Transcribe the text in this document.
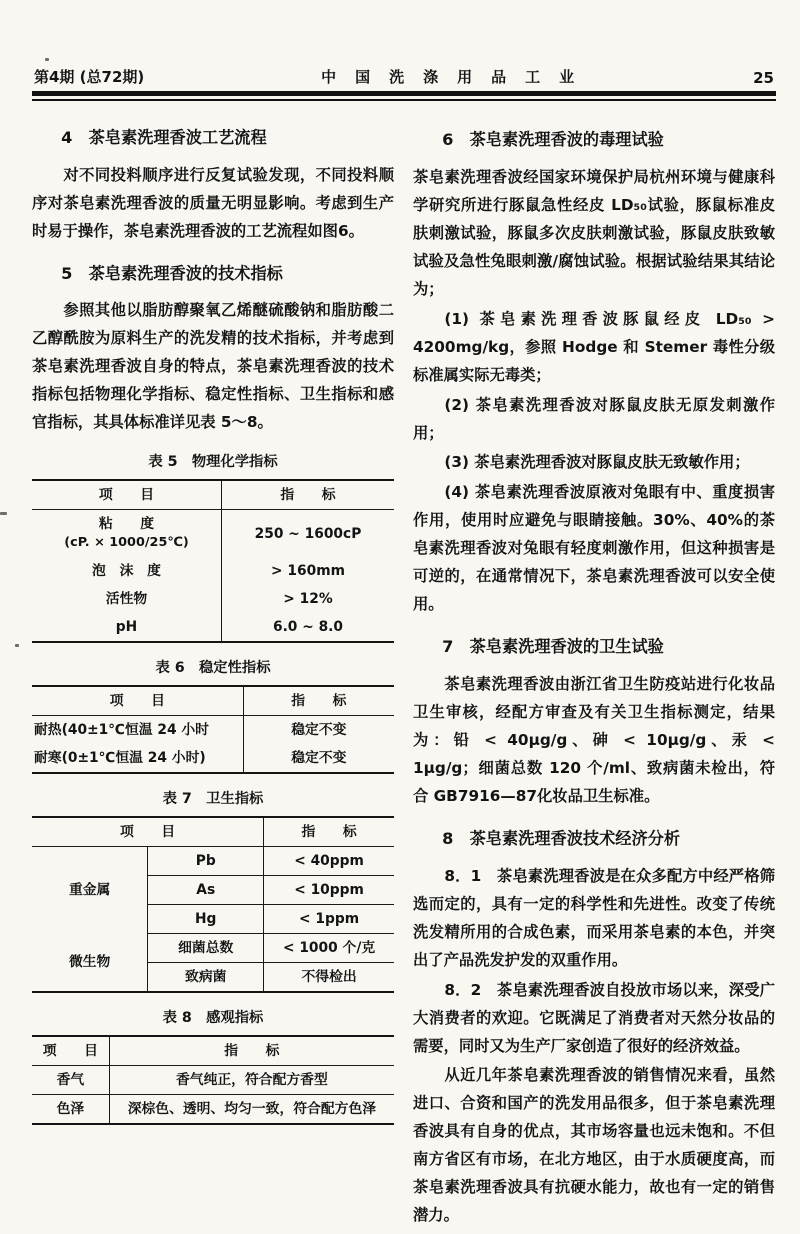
第4期 (总72期)	中　国　洗　涤　用　品　工　业	25
4　茶皂素洗理香波工艺流程

对不同投料顺序进行反复试验发现，不同投料顺序对茶皂素洗理香波的质量无明显影响。考虑到生产时易于操作，茶皂素洗理香波的工艺流程如图6。

5　茶皂素洗理香波的技术指标

参照其他以脂肪醇聚氧乙烯醚硫酸钠和脂肪酸二乙醇酰胺为原料生产的洗发精的技术指标，并考虑到茶皂素洗理香波自身的特点，茶皂素洗理香波的技术指标包括物理化学指标、稳定性指标、卫生指标和感官指标，其具体标准详见表 5～8。

表 5　物理化学指标
项　　目	指　　标

粘　　度
(cP. × 1000/25℃)	250 ~ 1600cP
泡　沫　度	> 160mm
活性物	> 12%
pH	6.0 ~ 8.0
表 6　稳定性指标
项　　目	指　　标
耐热(40±1℃恒温 24 小时	稳定不变
耐寒(0±1℃恒温 24 小时)	稳定不变
表 7　卫生指标
项　　目		指　　标
重金属	Pb	< 40ppm
	As	< 10ppm
	Hg	< 1ppm
微生物	细菌总数	< 1000 个/克
	致病菌	不得检出
表 8　感观指标
项　　目	指　　标
香气	香气纯正，符合配方香型
色泽	深棕色、透明、均匀一致，符合配方色泽
6　茶皂素洗理香波的毒理试验

茶皂素洗理香波经国家环境保护局杭州环境与健康科学研究所进行豚鼠急性经皮 LD₅₀试验，豚鼠标准皮肤刺激试验，豚鼠多次皮肤刺激试验，豚鼠皮肤致敏试验及急性兔眼刺激/腐蚀试验。根据试验结果其结论为；

(1) 茶皂素洗理香波豚鼠经皮 LD₅₀ > 4200mg/kg，参照 Hodge 和 Stemer 毒性分级标准属实际无毒类；

(2) 茶皂素洗理香波对豚鼠皮肤无原发刺激作用；

(3) 茶皂素洗理香波对豚鼠皮肤无致敏作用；

(4) 茶皂素洗理香波原液对兔眼有中、重度损害作用，使用时应避免与眼睛接触。30%、40%的茶皂素洗理香波对兔眼有轻度刺激作用，但这种损害是可逆的，在通常情况下，茶皂素洗理香波可以安全使用。

7　茶皂素洗理香波的卫生试验

茶皂素洗理香波由浙江省卫生防疫站进行化妆品卫生审核，经配方审查及有关卫生指标测定，结果为：铅 < 40μg/g、砷 < 10μg/g、汞 < 1μg/g；细菌总数 120 个/ml、致病菌未检出，符合 GB7916—87化妆品卫生标准。

8　茶皂素洗理香波技术经济分析

8．1　茶皂素洗理香波是在众多配方中经严格筛选而定的，具有一定的科学性和先进性。改变了传统洗发精所用的合成色素，而采用茶皂素的本色，并突出了产品洗发护发的双重作用。

8．2　茶皂素洗理香波自投放市场以来，深受广大消费者的欢迎。它既满足了消费者对天然分妆品的需要，同时又为生产厂家创造了很好的经济效益。

从近几年茶皂素洗理香波的销售情况来看，虽然进口、合资和国产的洗发用品很多，但于茶皂素洗理香波具有自身的优点，其市场容量也远未饱和。不但南方省区有市场，在北方地区，由于水质硬度高，而茶皂素洗理香波具有抗硬水能力，故也有一定的销售潜力。
